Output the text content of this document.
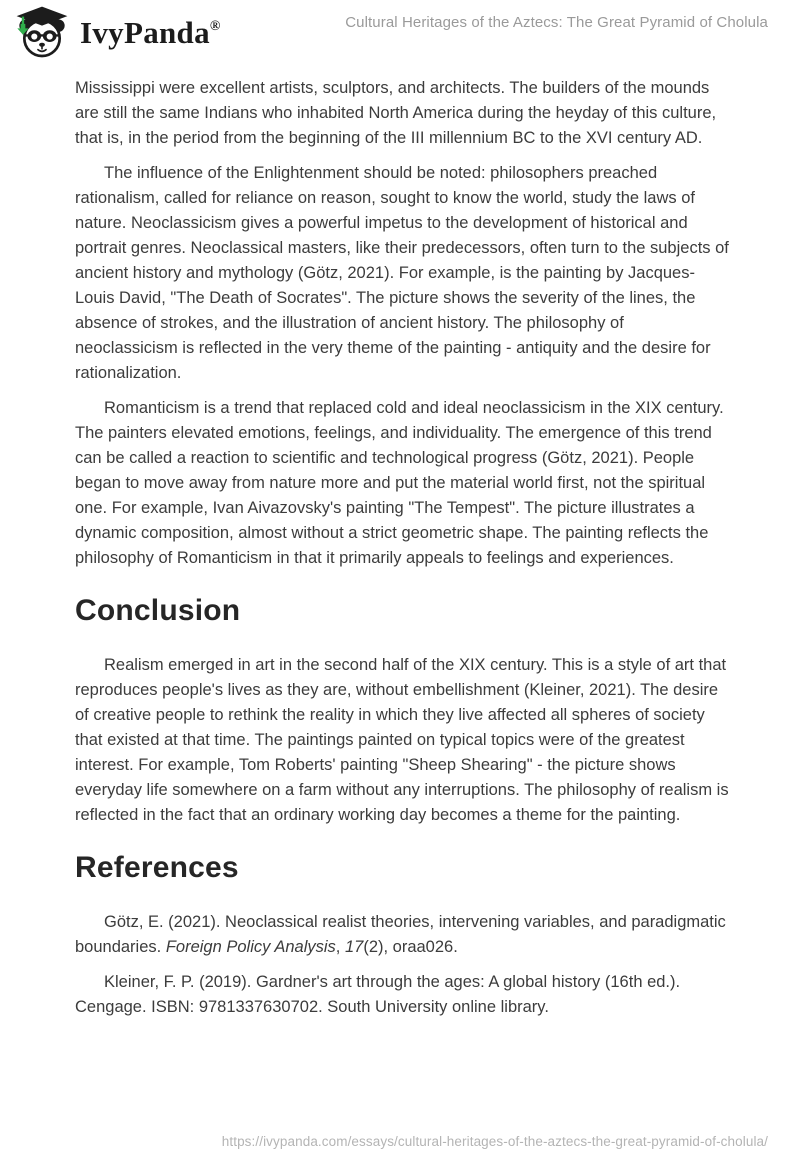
IvyPanda®	Cultural Heritages of the Aztecs: The Great Pyramid of Cholula

Mississippi were excellent artists, sculptors, and architects. The builders of the mounds are still the same Indians who inhabited North America during the heyday of this culture, that is, in the period from the beginning of the III millennium BC to the XVI century AD.

The influence of the Enlightenment should be noted: philosophers preached rationalism, called for reliance on reason, sought to know the world, study the laws of nature. Neoclassicism gives a powerful impetus to the development of historical and portrait genres. Neoclassical masters, like their predecessors, often turn to the subjects of ancient history and mythology (Götz, 2021). For example, is the painting by Jacques-Louis David, "The Death of Socrates". The picture shows the severity of the lines, the absence of strokes, and the illustration of ancient history. The philosophy of neoclassicism is reflected in the very theme of the painting - antiquity and the desire for rationalization.

Romanticism is a trend that replaced cold and ideal neoclassicism in the XIX century. The painters elevated emotions, feelings, and individuality. The emergence of this trend can be called a reaction to scientific and technological progress (Götz, 2021). People began to move away from nature more and put the material world first, not the spiritual one. For example, Ivan Aivazovsky's painting "The Tempest". The picture illustrates a dynamic composition, almost without a strict geometric shape. The painting reflects the philosophy of Romanticism in that it primarily appeals to feelings and experiences.

Conclusion

Realism emerged in art in the second half of the XIX century. This is a style of art that reproduces people's lives as they are, without embellishment (Kleiner, 2021). The desire of creative people to rethink the reality in which they live affected all spheres of society that existed at that time. The paintings painted on typical topics were of the greatest interest. For example, Tom Roberts' painting "Sheep Shearing" - the picture shows everyday life somewhere on a farm without any interruptions. The philosophy of realism is reflected in the fact that an ordinary working day becomes a theme for the painting.

References

Götz, E. (2021). Neoclassical realist theories, intervening variables, and paradigmatic boundaries. Foreign Policy Analysis, 17(2), oraa026.

Kleiner, F. P. (2019). Gardner's art through the ages: A global history (16th ed.). Cengage. ISBN: 9781337630702. South University online library.

https://ivypanda.com/essays/cultural-heritages-of-the-aztecs-the-great-pyramid-of-cholula/
